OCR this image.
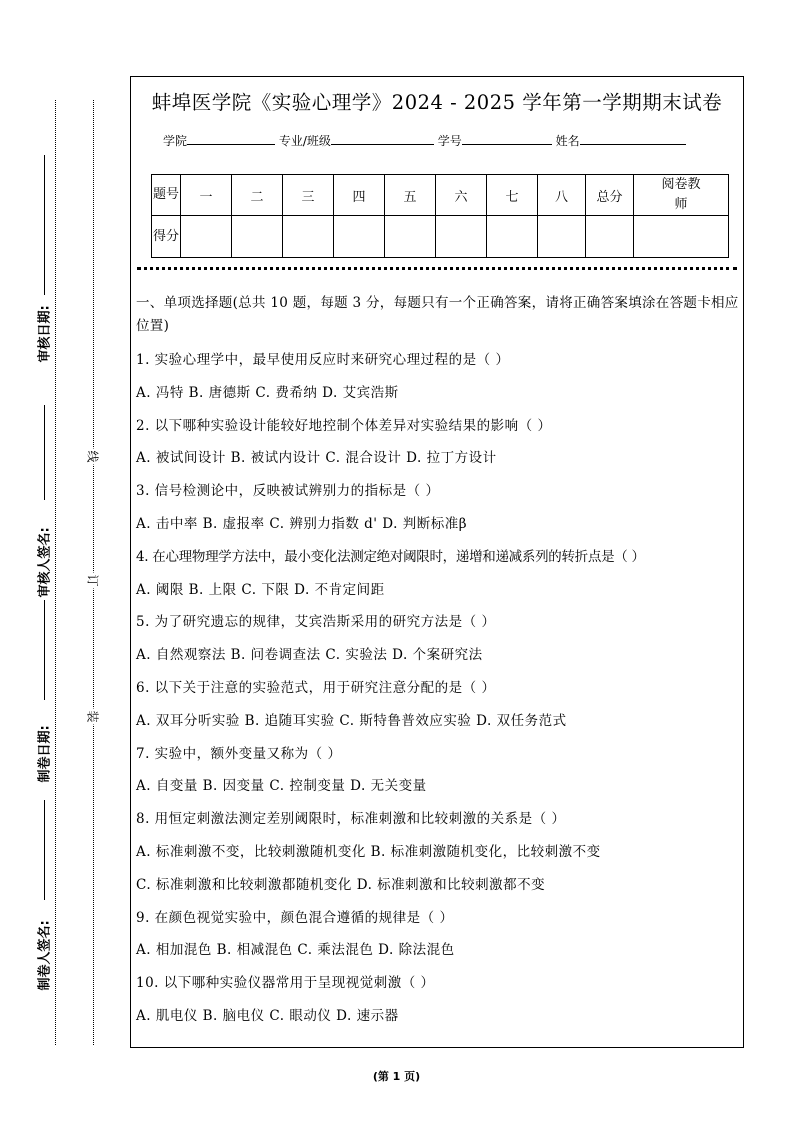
审核日期:
审核人签名:
制卷日期:
制卷人签名:
线
订
装
蚌埠医学院《实验心理学》2024 - 2025 学年第一学期期末试卷
学院	专业/班级	学号	姓名
题号	一	二	三	四	五	六	七	八	总分	阅卷教师
得分										
一、单项选择题(总共 10 题，每题 3 分，每题只有一个正确答案，请将正确答案填涂在答题卡相应位置)
1. 实验心理学中，最早使用反应时来研究心理过程的是（ ）
A. 冯特 B. 唐德斯 C. 费希纳 D. 艾宾浩斯
2. 以下哪种实验设计能较好地控制个体差异对实验结果的影响（ ）
A. 被试间设计 B. 被试内设计 C. 混合设计 D. 拉丁方设计
3. 信号检测论中，反映被试辨别力的指标是（ ）
A. 击中率 B. 虚报率 C. 辨别力指数 d' D. 判断标准β
4. 在心理物理学方法中，最小变化法测定绝对阈限时，递增和递减系列的转折点是（ ）
A. 阈限 B. 上限 C. 下限 D. 不肯定间距
5. 为了研究遗忘的规律，艾宾浩斯采用的研究方法是（ ）
A. 自然观察法 B. 问卷调查法 C. 实验法 D. 个案研究法
6. 以下关于注意的实验范式，用于研究注意分配的是（ ）
A. 双耳分听实验 B. 追随耳实验 C. 斯特鲁普效应实验 D. 双任务范式
7. 实验中，额外变量又称为（ ）
A. 自变量 B. 因变量 C. 控制变量 D. 无关变量
8. 用恒定刺激法测定差别阈限时，标准刺激和比较刺激的关系是（ ）
A. 标准刺激不变，比较刺激随机变化 B. 标准刺激随机变化，比较刺激不变
C. 标准刺激和比较刺激都随机变化 D. 标准刺激和比较刺激都不变
9. 在颜色视觉实验中，颜色混合遵循的规律是（ ）
A. 相加混色 B. 相减混色 C. 乘法混色 D. 除法混色
10. 以下哪种实验仪器常用于呈现视觉刺激（ ）
A. 肌电仪 B. 脑电仪 C. 眼动仪 D. 速示器
(第 1 页)
